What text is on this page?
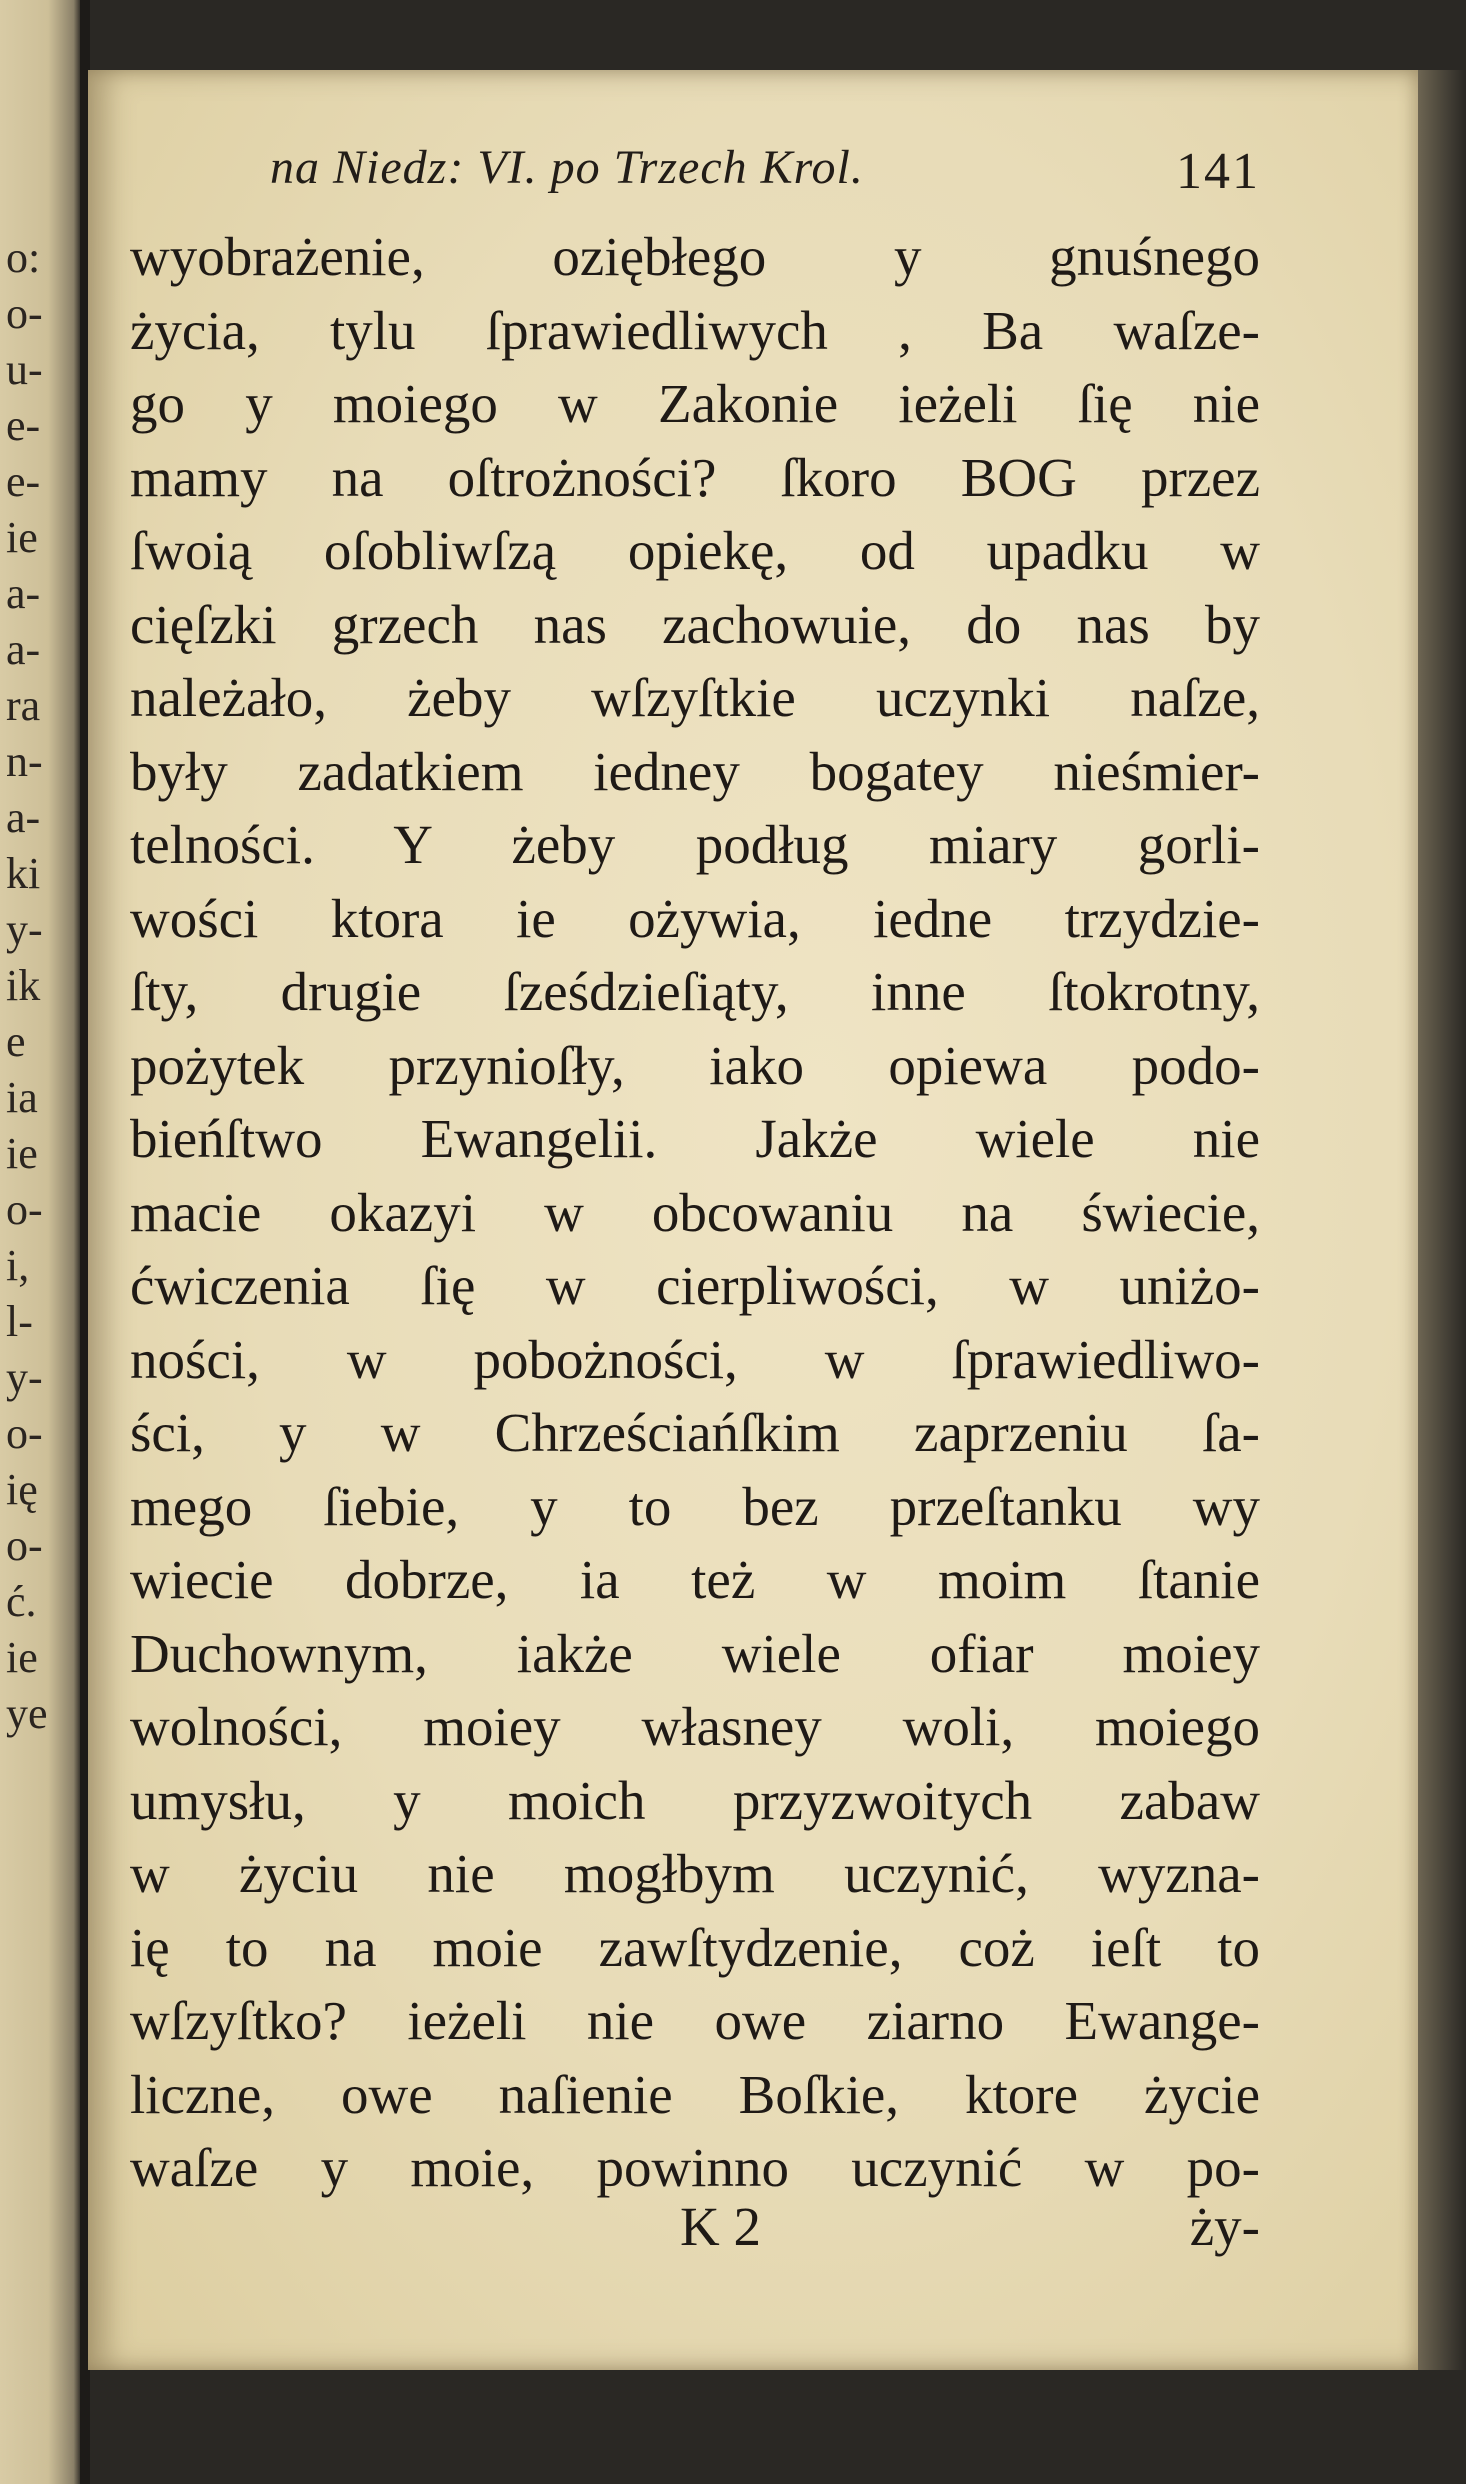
o:
o-
u-
e-
e-
ie
a-
a-
ra
n-
a-
ki
y-
ik
e
ia
ie
o-
i,
l-
y-
o-
ię
o-
ć.
ie
ye
na Niedz: VI. po Trzech Krol.	141
wyobrażenie, oziębłego y gnuśnego
życia, tylu ſprawiedliwych , Ba waſze-
go y moiego w Zakonie ieżeli ſię nie
mamy na oſtrożności? ſkoro BOG przez
ſwoią oſobliwſzą opiekę, od upadku w
cięſzki grzech nas zachowuie, do nas by
należało, żeby wſzyſtkie uczynki naſze,
były zadatkiem iedney bogatey nieśmier-
telności. Y żeby podług miary gorli-
wości ktora ie ożywia, iedne trzydzie-
ſty, drugie ſześdzieſiąty, inne ſtokrotny,
pożytek przynioſły, iako opiewa podo-
bieńſtwo Ewangelii. Jakże wiele nie
macie okazyi w obcowaniu na świecie,
ćwiczenia ſię w cierpliwości, w uniżo-
ności, w pobożności, w ſprawiedliwo-
ści, y w Chrześciańſkim zaprzeniu ſa-
mego ſiebie, y to bez przeſtanku wy
wiecie dobrze, ia też w moim ſtanie
Duchownym, iakże wiele ofiar moiey
wolności, moiey własney woli, moiego
umysłu, y moich przyzwoitych zabaw
w życiu nie mogłbym uczynić, wyzna-
ię to na moie zawſtydzenie, coż ieſt to
wſzyſtko? ieżeli nie owe ziarno Ewange-
liczne, owe naſienie Boſkie, ktore życie
waſze y moie, powinno uczynić w po-
K 2	ży-
